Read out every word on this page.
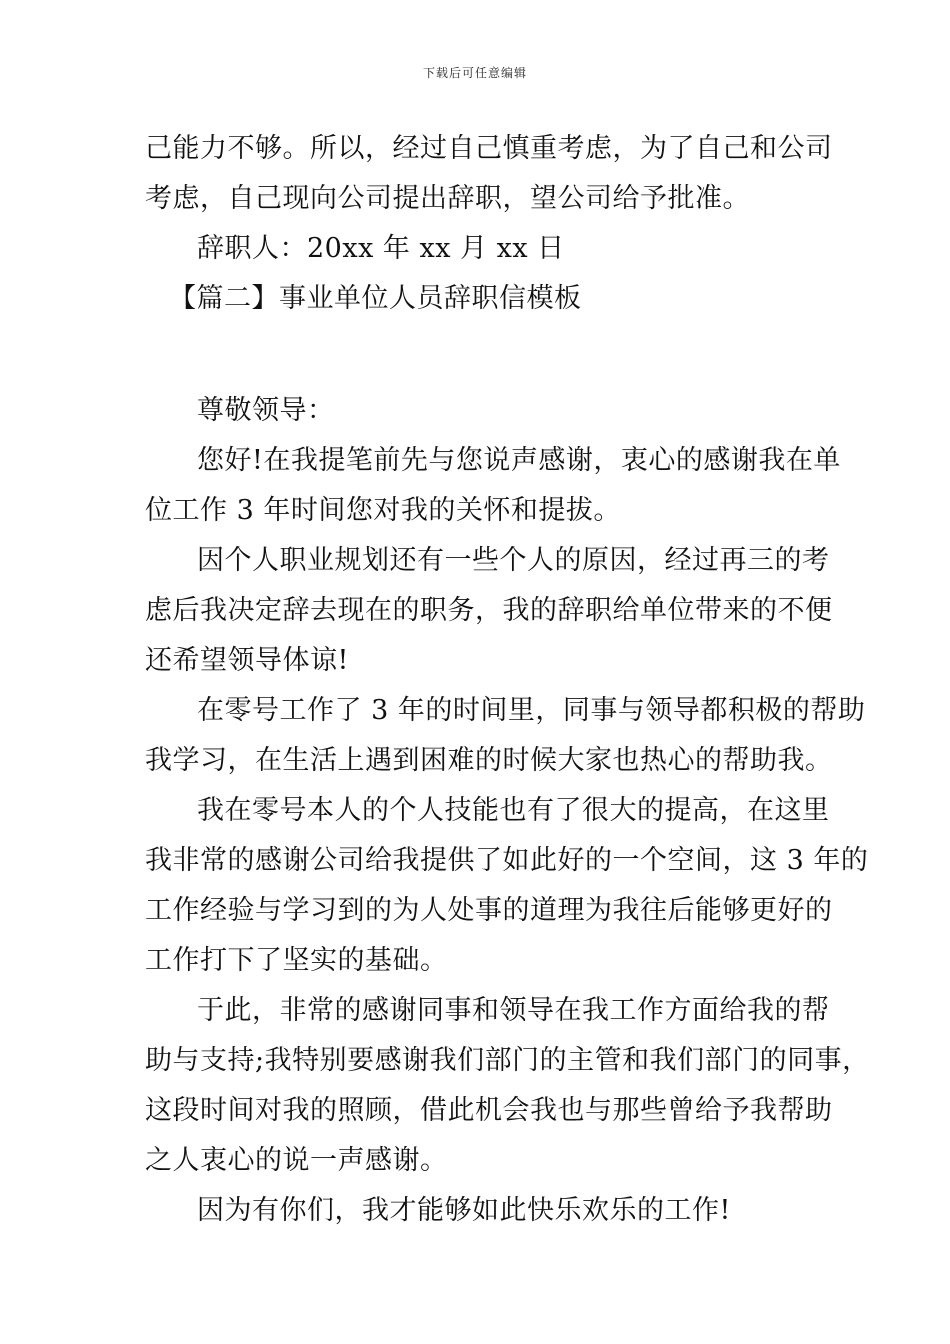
下载后可任意编辑
己能力不够。所以，经过自己慎重考虑，为了自己和公司
考虑，自己现向公司提出辞职，望公司给予批准。
辞职人：20xx 年 xx 月 xx 日
【篇二】事业单位人员辞职信模板
尊敬领导：
您好!在我提笔前先与您说声感谢，衷心的感谢我在单
位工作 3 年时间您对我的关怀和提拔。
因个人职业规划还有一些个人的原因，经过再三的考
虑后我决定辞去现在的职务，我的辞职给单位带来的不便
还希望领导体谅!
在零号工作了 3 年的时间里，同事与领导都积极的帮助
我学习，在生活上遇到困难的时候大家也热心的帮助我。
我在零号本人的个人技能也有了很大的提高，在这里
我非常的感谢公司给我提供了如此好的一个空间，这 3 年的
工作经验与学习到的为人处事的道理为我往后能够更好的
工作打下了坚实的基础。
于此，非常的感谢同事和领导在我工作方面给我的帮
助与支持;我特别要感谢我们部门的主管和我们部门的同事，
这段时间对我的照顾，借此机会我也与那些曾给予我帮助
之人衷心的说一声感谢。
因为有你们，我才能够如此快乐欢乐的工作!
